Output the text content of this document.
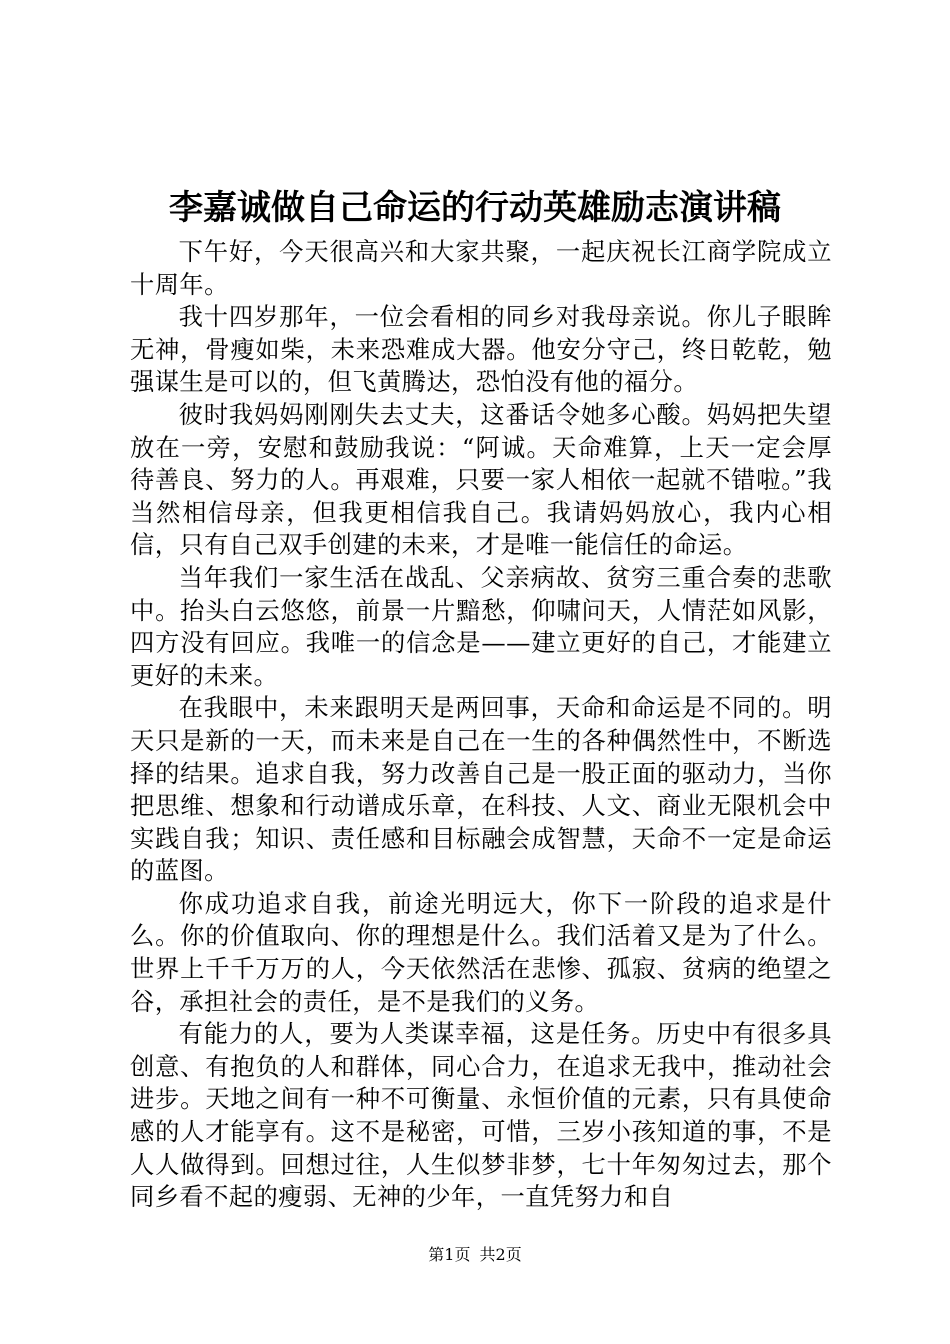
李嘉诚做自己命运的行动英雄励志演讲稿

下午好，今天很高兴和大家共聚，一起庆祝长江商学院成立十周年。

我十四岁那年，一位会看相的同乡对我母亲说。你儿子眼眸无神，骨瘦如柴，未来恐难成大器。他安分守己，终日乾乾，勉强谋生是可以的，但飞黄腾达，恐怕没有他的福分。

彼时我妈妈刚刚失去丈夫，这番话令她多心酸。妈妈把失望放在一旁，安慰和鼓励我说：“阿诚。天命难算，上天一定会厚待善良、努力的人。再艰难，只要一家人相依一起就不错啦。”我当然相信母亲，但我更相信我自己。我请妈妈放心，我内心相信，只有自己双手创建的未来，才是唯一能信任的命运。

当年我们一家生活在战乱、父亲病故、贫穷三重合奏的悲歌中。抬头白云悠悠，前景一片黯愁，仰啸问天，人情茫如风影，四方没有回应。我唯一的信念是——建立更好的自己，才能建立更好的未来。

在我眼中，未来跟明天是两回事，天命和命运是不同的。明天只是新的一天，而未来是自己在一生的各种偶然性中，不断选择的结果。追求自我，努力改善自己是一股正面的驱动力，当你把思维、想象和行动谱成乐章，在科技、人文、商业无限机会中实践自我；知识、责任感和目标融会成智慧，天命不一定是命运的蓝图。

你成功追求自我，前途光明远大，你下一阶段的追求是什么。你的价值取向、你的理想是什么。我们活着又是为了什么。世界上千千万万的人，今天依然活在悲惨、孤寂、贫病的绝望之谷，承担社会的责任，是不是我们的义务。

有能力的人，要为人类谋幸福，这是任务。历史中有很多具创意、有抱负的人和群体，同心合力，在追求无我中，推动社会进步。天地之间有一种不可衡量、永恒价值的元素，只有具使命感的人才能享有。这不是秘密，可惜，三岁小孩知道的事，不是人人做得到。回想过往，人生似梦非梦，七十年匆匆过去，那个同乡看不起的瘦弱、无神的少年，一直凭努力和自

第1页 共2页
